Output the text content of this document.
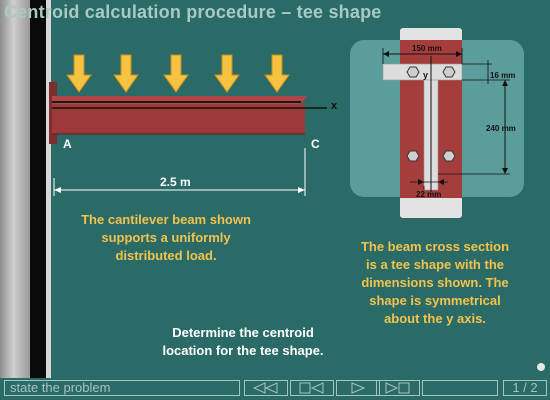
Centroid calculation procedure – tee shape
A	C
x
2.5 m
150 mm
16 mm
240 mm
22 mm
y
The cantilever beam shown
supports a uniformly
distributed load.
The beam cross section
is a tee shape with the
dimensions shown. The
shape is symmetrical
about the y axis.
Determine the centroid
location for the tee shape.
state the problem	1 / 2
